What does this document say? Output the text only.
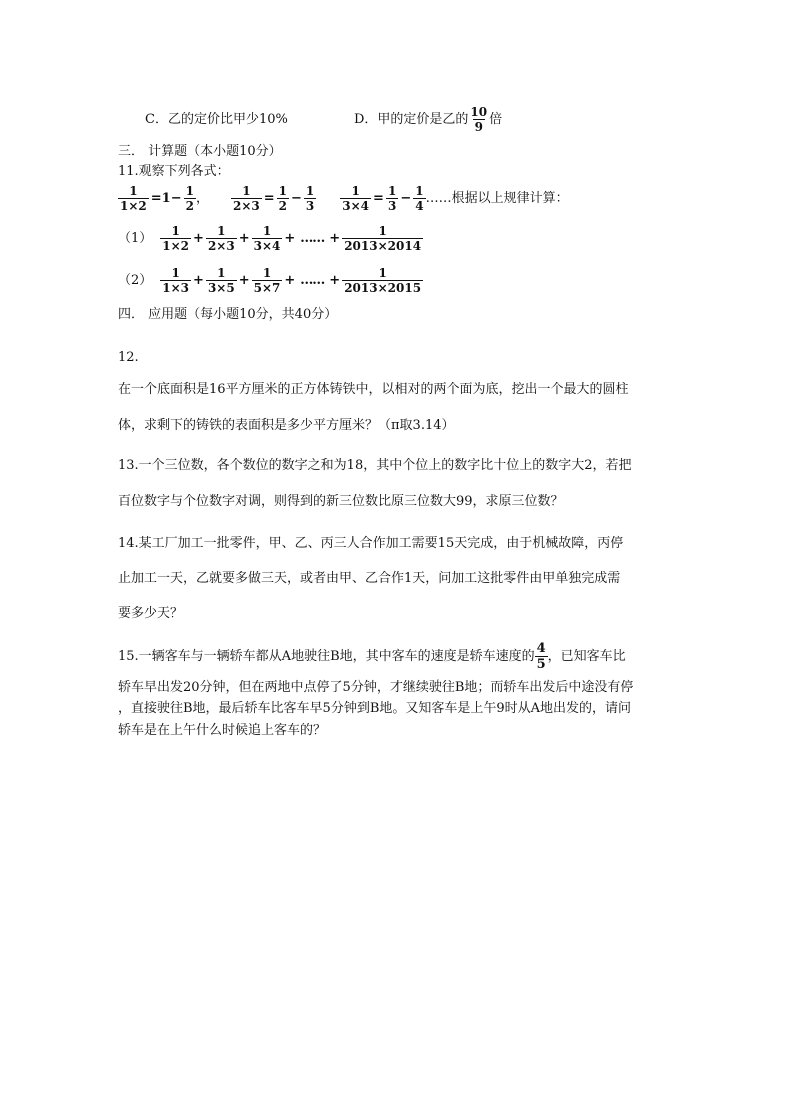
C．乙的定价比甲少10%	D．甲的定价是乙的 $\frac{10}{9}$ 倍
三． 计算题（本小题10分）
11.观察下列各式：
$\frac{1}{1\times 2} =1- \frac{1}{2}$ ， $\frac{1}{2\times 3} = \frac{1}{2} - \frac{1}{3} \frac{1}{3\times 4} = \frac{1}{3} - \frac{1}{4}$ ……根据以上规律计算：
$(1) \frac{1}{1\times 2} + \frac{1}{2\times 3} + \frac{1}{3\times 4}$ + …… + $\frac{1}{2013\times 2014}$
$(2) \frac{1}{1\times 3} + \frac{1}{3\times 5} + \frac{1}{5\times 7}$ + …… + $\frac{1}{2013\times 2015}$
四． 应用题（每小题10分，共40分）
12.
在一个底面积是16平方厘米的正方体铸铁中，以相对的两个面为底，挖出一个最大的圆柱
体，求剩下的铸铁的表面积是多少平方厘米？（π取3.14）
13.一个三位数，各个数位的数字之和为18，其中个位上的数字比十位上的数字大2，若把
百位数字与个位数字对调，则得到的新三位数比原三位数大99，求原三位数？
14.某工厂加工一批零件，甲、乙、丙三人合作加工需要15天完成，由于机械故障，丙停
止加工一天，乙就要多做三天，或者由甲、乙合作1天，问加工这批零件由甲单独完成需
要多少天？
15.一辆客车与一辆轿车都从A地驶往B地，其中客车的速度是轿车速度的 $\frac{4}{5}$ ，已知客车比
轿车早出发20分钟，但在两地中点停了5分钟，才继续驶往B地；而轿车出发后中途没有停
，直接驶往B地，最后轿车比客车早5分钟到B地。又知客车是上午9时从A地出发的，请问
轿车是在上午什么时候追上客车的？
